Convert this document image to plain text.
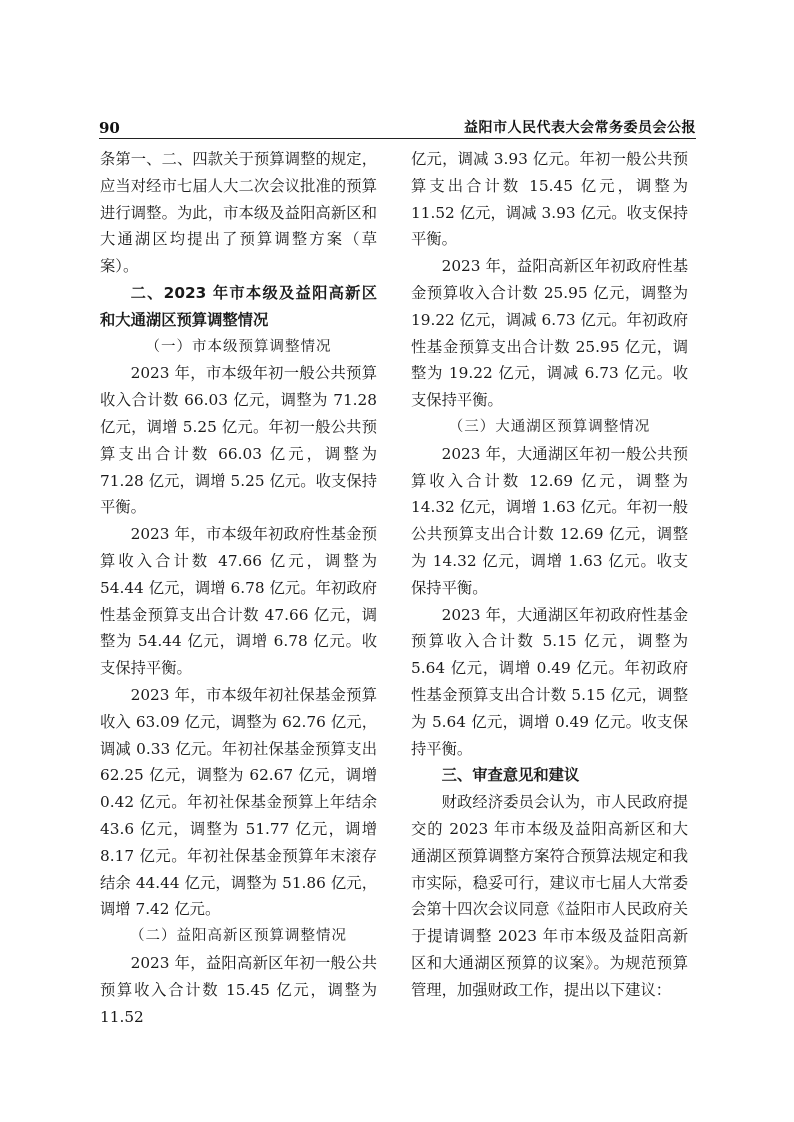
90	益阳市人民代表大会常务委员会公报

条第一、二、四款关于预算调整的规定，应当对经市七届人大二次会议批准的预算进行调整。为此，市本级及益阳高新区和大通湖区均提出了预算调整方案（草案）。

二、2023 年市本级及益阳高新区和大通湖区预算调整情况
（一）市本级预算调整情况

2023 年，市本级年初一般公共预算收入合计数 66.03 亿元，调整为 71.28 亿元，调增 5.25 亿元。年初一般公共预算支出合计数 66.03 亿元，调整为 71.28 亿元，调增 5.25 亿元。收支保持平衡。

2023 年，市本级年初政府性基金预算收入合计数 47.66 亿元，调整为 54.44 亿元，调增 6.78 亿元。年初政府性基金预算支出合计数 47.66 亿元，调整为 54.44 亿元，调增 6.78 亿元。收支保持平衡。

2023 年，市本级年初社保基金预算收入 63.09 亿元，调整为 62.76 亿元，调减 0.33 亿元。年初社保基金预算支出 62.25 亿元，调整为 62.67 亿元，调增 0.42 亿元。年初社保基金预算上年结余 43.6 亿元，调整为 51.77 亿元，调增 8.17 亿元。年初社保基金预算年末滚存结余 44.44 亿元，调整为 51.86 亿元，调增 7.42 亿元。

（二）益阳高新区预算调整情况

2023 年，益阳高新区年初一般公共预算收入合计数 15.45 亿元，调整为 11.52

亿元，调减 3.93 亿元。年初一般公共预算支出合计数 15.45 亿元，调整为 11.52 亿元，调减 3.93 亿元。收支保持平衡。

2023 年，益阳高新区年初政府性基金预算收入合计数 25.95 亿元，调整为 19.22 亿元，调减 6.73 亿元。年初政府性基金预算支出合计数 25.95 亿元，调整为 19.22 亿元，调减 6.73 亿元。收支保持平衡。

（三）大通湖区预算调整情况

2023 年，大通湖区年初一般公共预算收入合计数 12.69 亿元，调整为 14.32 亿元，调增 1.63 亿元。年初一般公共预算支出合计数 12.69 亿元，调整为 14.32 亿元，调增 1.63 亿元。收支保持平衡。

2023 年，大通湖区年初政府性基金预算收入合计数 5.15 亿元，调整为 5.64 亿元，调增 0.49 亿元。年初政府性基金预算支出合计数 5.15 亿元，调整为 5.64 亿元，调增 0.49 亿元。收支保持平衡。

三、审查意见和建议

财政经济委员会认为，市人民政府提交的 2023 年市本级及益阳高新区和大通湖区预算调整方案符合预算法规定和我市实际，稳妥可行，建议市七届人大常委会第十四次会议同意《益阳市人民政府关于提请调整 2023 年市本级及益阳高新区和大通湖区预算的议案》。为规范预算管理，加强财政工作，提出以下建议：
